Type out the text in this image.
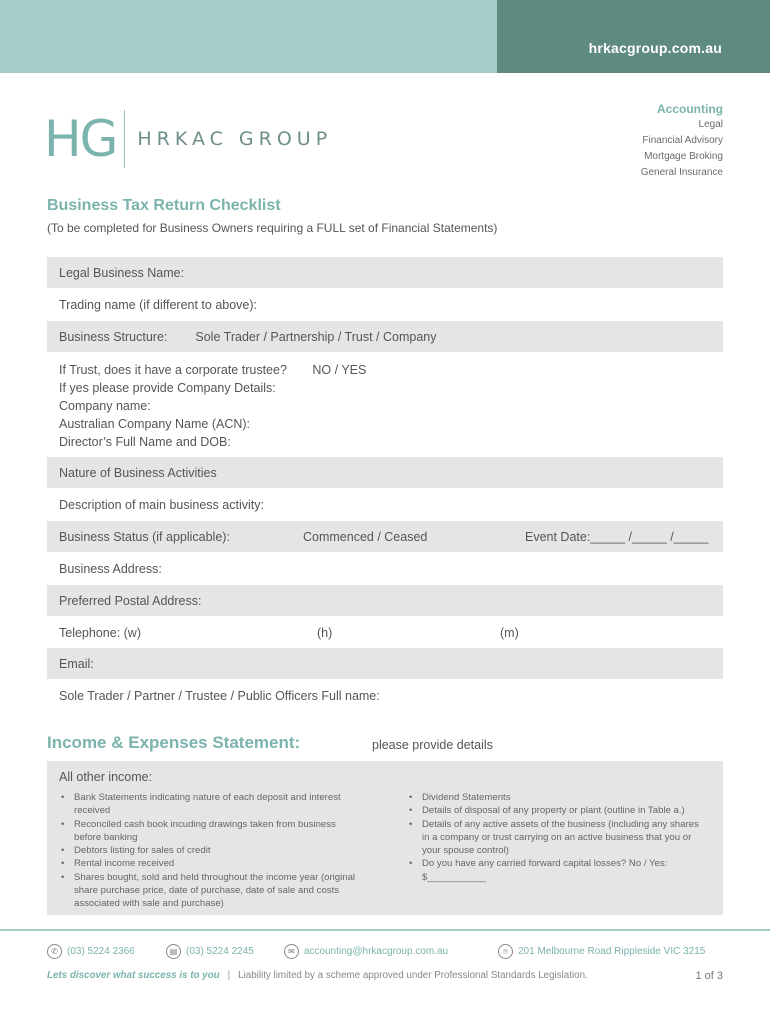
hrkacgroup.com.au
HG HRKAC GROUP
Accounting
Legal
Financial Advisory
Mortgage Broking
General Insurance
Business Tax Return Checklist
(To be completed for Business Owners requiring a FULL set of Financial Statements)
Legal Business Name:
Trading name (if different to above):
Business Structure: Sole Trader / Partnership / Trust / Company
If Trust, does it have a corporate trustee? NO / YES
If yes please provide Company Details:
Company name:
Australian Company Name (ACN):
Director’s Full Name and DOB:
Nature of Business Activities
Description of main business activity:
Business Status (if applicable):	Commenced / Ceased	Event Date:_____ /_____ /_____
Business Address:
Preferred Postal Address:
Telephone: (w)	(h)	(m)
Email:
Sole Trader / Partner / Trustee / Public Officers Full name:
Income & Expenses Statement:	please provide details
All other income:
• Bank Statements indicating nature of each deposit and interest received
• Reconciled cash book incuding drawings taken from business before banking
• Debtors listing for sales of credit
• Rental income received
• Shares bought, sold and held throughout the income year (original share purchase price, date of purchase, date of sale and costs associated with sale and purchase)
• Dividend Statements
• Details of disposal of any property or plant (outline in Table a.)
• Details of any active assets of the business (including any shares in a company or trust carrying on an active business that you or your spouse control)
• Do you have any carried forward capital losses? No / Yes: $___________
✆ (03) 5224 2366	▤ (03) 5224 2245	✉ accounting@hrkacgroup.com.au	⌾	201 Melbourne Road Rippleside VIC 3215
Lets discover what success is to you | Liability limited by a scheme approved under Professional Standards Legislation.	1 of 3
